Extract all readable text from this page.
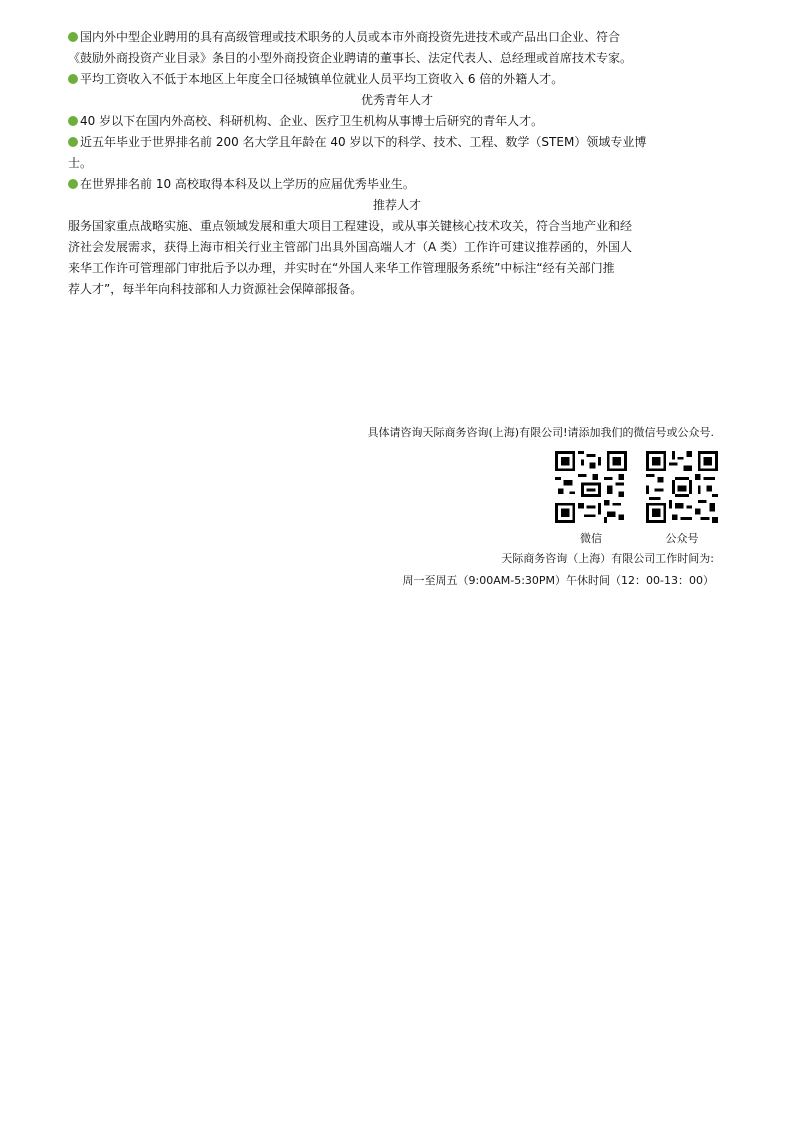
国内外中型企业聘用的具有高级管理或技术职务的人员或本市外商投资先进技术或产品出口企业、符合

《鼓励外商投资产业目录》条目的小型外商投资企业聘请的董事长、法定代表人、总经理或首席技术专家。

平均工资收入不低于本地区上年度全口径城镇单位就业人员平均工资收入 6 倍的外籍人才。

优秀青年人才

40 岁以下在国内外高校、科研机构、企业、医疗卫生机构从事博士后研究的青年人才。

近五年毕业于世界排名前 200 名大学且年龄在 40 岁以下的科学、技术、工程、数学（STEM）领域专业博

士。

在世界排名前 10 高校取得本科及以上学历的应届优秀毕业生。

推荐人才

服务国家重点战略实施、重点领域发展和重大项目工程建设，或从事关键核心技术攻关，符合当地产业和经

济社会发展需求，获得上海市相关行业主管部门出具外国高端人才（A 类）工作许可建议推荐函的，外国人

来华工作许可管理部门审批后予以办理，并实时在“外国人来华工作管理服务系统”中标注“经有关部门推

荐人才”，每半年向科技部和人力资源社会保障部报备。

具体请咨询天际商务咨询(上海)有限公司!请添加我们的微信号或公众号.
微信	公众号
天际商务咨询（上海）有限公司工作时间为:
周一至周五（9:00AM-5:30PM）午休时间（12：00-13：00）
